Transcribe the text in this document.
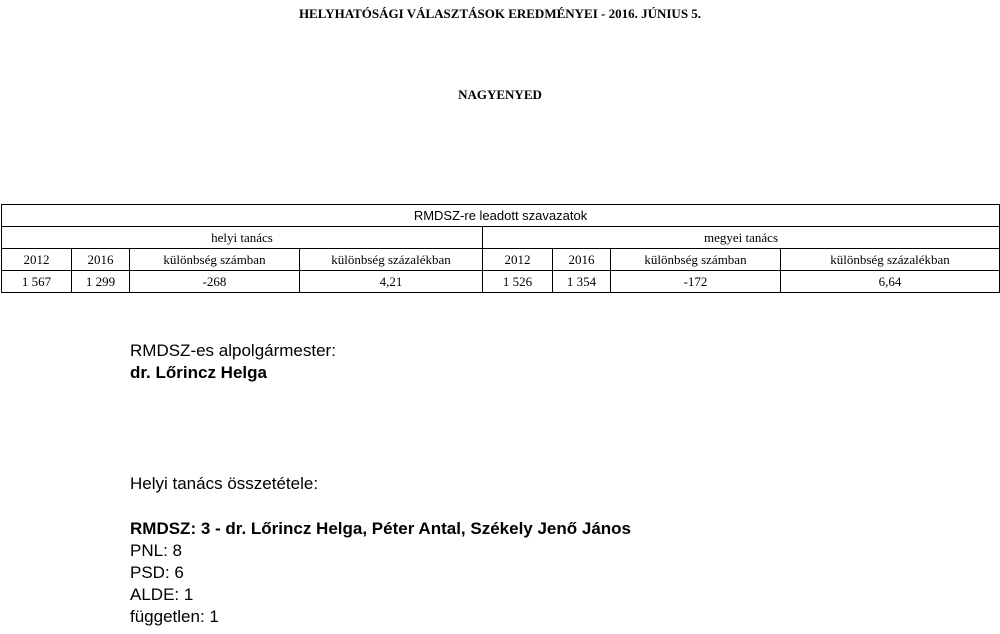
HELYHATÓSÁGI VÁLASZTÁSOK EREDMÉNYEI - 2016. JÚNIUS 5.
NAGYENYED
RMDSZ-re leadott szavazatok							
helyi tanács				megyei tanács			
2012	2016	különbség számban	különbség százalékban	2012	2016	különbség számban	különbség százalékban
1 567	1 299	-268	4,21	1 526	1 354	-172	6,64
RMDSZ-es alpolgármester:
dr. Lőrincz Helga
Helyi tanács összetétele:
RMDSZ: 3 - dr. Lőrincz Helga, Péter Antal, Székely Jenő János
PNL: 8
PSD: 6
ALDE: 1
független: 1
